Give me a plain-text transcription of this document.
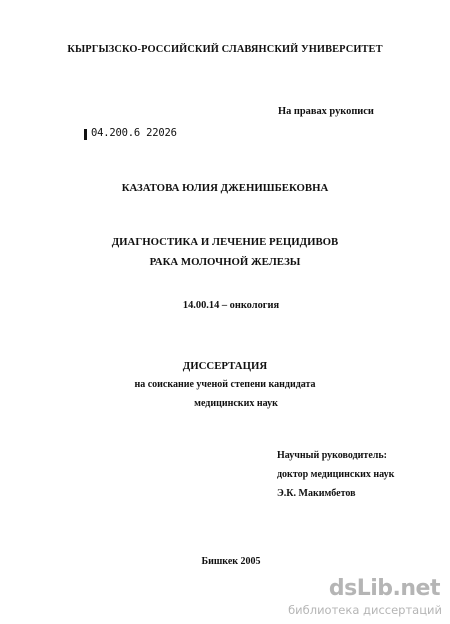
КЫРГЫЗСКО-РОССИЙСКИЙ СЛАВЯНСКИЙ УНИВЕРСИТЕТ
На правах рукописи
04.200.6 22026
КАЗАТОВА ЮЛИЯ ДЖЕНИШБЕКОВНА
ДИАГНОСТИКА И ЛЕЧЕНИЕ РЕЦИДИВОВ
РАКА МОЛОЧНОЙ ЖЕЛЕЗЫ
14.00.14 – онкология
ДИССЕРТАЦИЯ
на соискание ученой степени кандидата
медицинских наук
Научный руководитель:
доктор медицинских наук
Э.К. Макимбетов
Бишкек 2005
dsLib.net
библиотека диссертаций
